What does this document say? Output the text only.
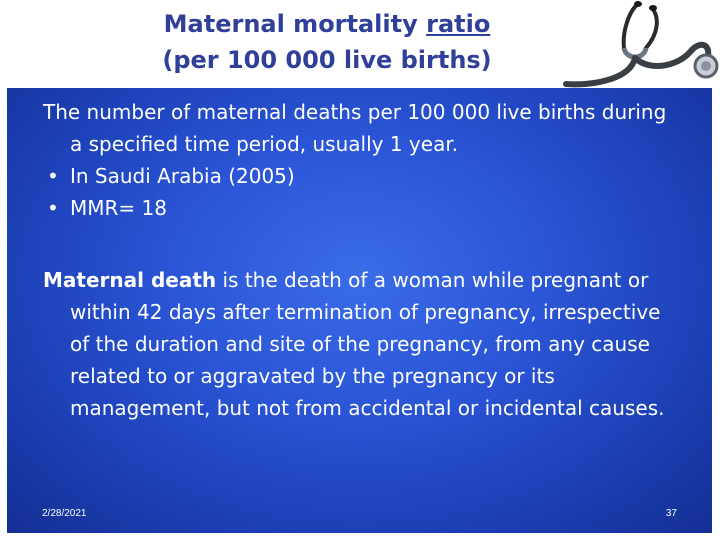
Maternal mortality ratio
(per 100 000 live births)

The number of maternal deaths per 100 000 live births during a specified time period, usually 1 year.

• In Saudi Arabia (2005)

• MMR= 18

Maternal death is the death of a woman while pregnant or within 42 days after termination of pregnancy, irrespective of the duration and site of the pregnancy, from any cause related to or aggravated by the pregnancy or its management, but not from accidental or incidental causes.

2/28/2021	37
